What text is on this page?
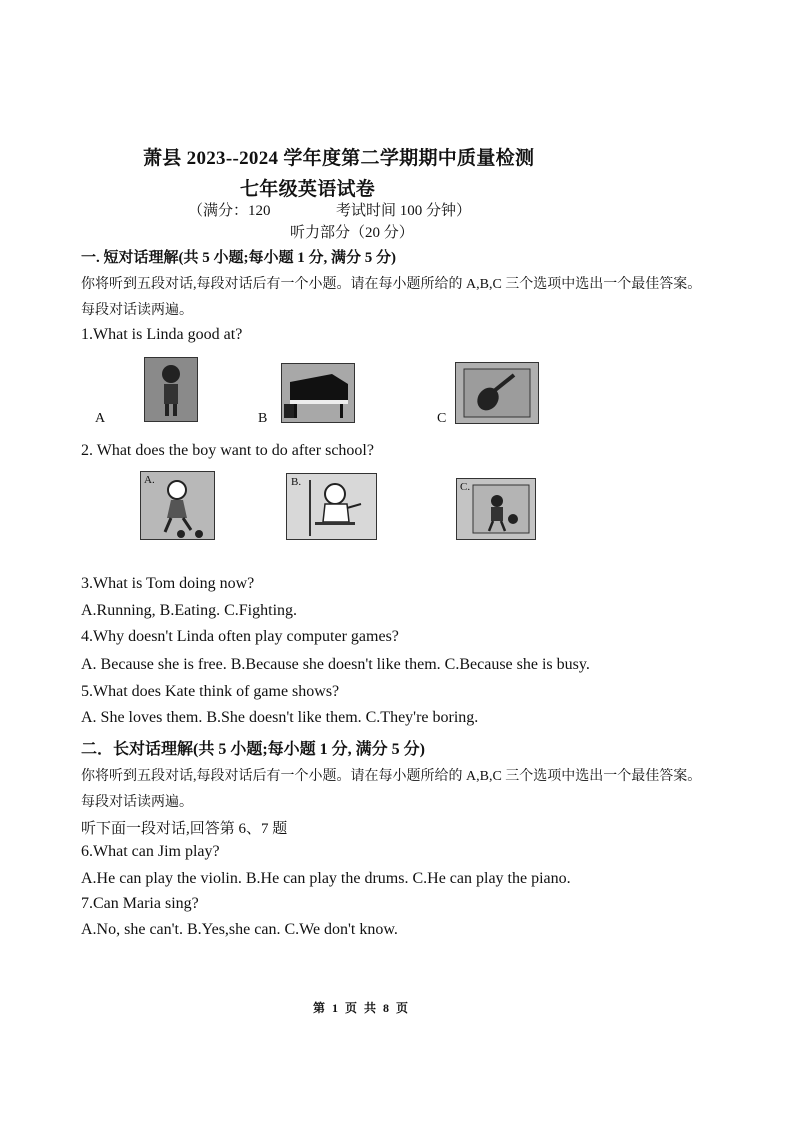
萧县 2023--2024 学年度第二学期期中质量检测
七年级英语试卷
（满分：120	考试时间 100 分钟）
听力部分（20 分）
一. 短对话理解(共 5 小题;每小题 1 分, 满分 5 分)
你将听到五段对话,每段对话后有一个小题。请在每小题所给的 A,B,C 三个选项中选出一个最佳答案。
每段对话读两遍。
1.What is Linda good at?
A	B	C
2. What does the boy want to do after school?
A.	B.	C.
3.What is Tom doing now?
A.Running, B.Eating. C.Fighting.
4.Why doesn't Linda often play computer games?
A. Because she is free. B.Because she doesn't like them. C.Because she is busy.
5.What does Kate think of game shows?
A. She loves them. B.She doesn't like them. C.They're boring.
二．长对话理解(共 5 小题;每小题 1 分, 满分 5 分)
你将听到五段对话,每段对话后有一个小题。请在每小题所给的 A,B,C 三个选项中选出一个最佳答案。
每段对话读两遍。
听下面一段对话,回答第 6、7 题
6.What can Jim play?
A.He can play the violin. B.He can play the drums. C.He can play the piano.
7.Can Maria sing?
A.No, she can't. B.Yes,she can. C.We don't know.
第 1 页 共 8 页
